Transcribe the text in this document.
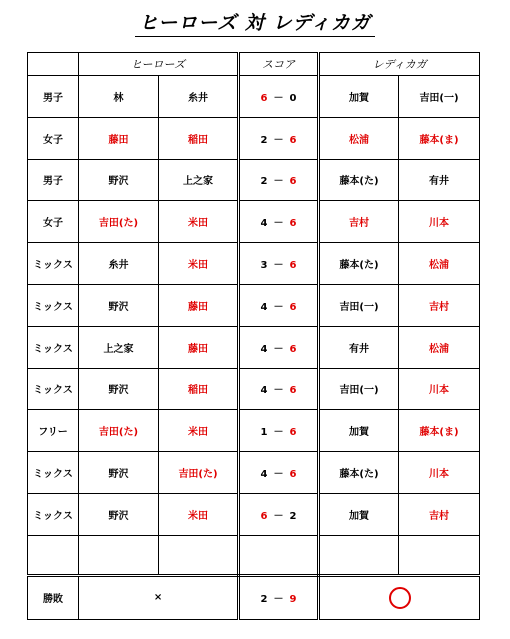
ヒーローズ 対 レディカガ
	ヒーローズ		スコア	レディカガ	
男子	林	糸井	6 － 0	加賀	吉田(一)
女子	藤田	稲田	2 － 6	松浦	藤本(ま)
男子	野沢	上之家	2 － 6	藤本(た)	有井
女子	吉田(た)	米田	4 － 6	吉村	川本
ミックス	糸井	米田	3 － 6	藤本(た)	松浦
ミックス	野沢	藤田	4 － 6	吉田(一)	吉村
ミックス	上之家	藤田	4 － 6	有井	松浦
ミックス	野沢	稲田	4 － 6	吉田(一)	川本
フリー	吉田(た)	米田	1 － 6	加賀	藤本(ま)
ミックス	野沢	吉田(た)	4 － 6	藤本(た)	川本
ミックス	野沢	米田	6 － 2	加賀	吉村

勝敗	×		2 － 9		
